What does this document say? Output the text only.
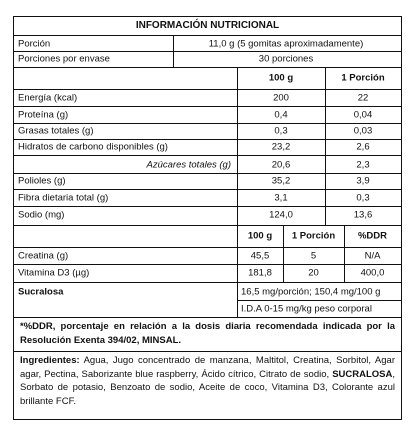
INFORMACIÓN NUTRICIONAL
Porción	11,0 g (5 gomitas aproximadamente)
Porciones por envase	30 porciones
100 g	1 Porción
Energía (kcal)	200	22
Proteína (g)	0,4	0,04
Grasas totales (g)	0,3	0,03
Hidratos de carbono disponibles (g)	23,2	2,6
Azúcares totales (g)	20,6	2,3
Polioles (g)	35,2	3,9
Fibra dietaria total (g)	3,1	0,3
Sodio (mg)	124,0	13,6
100 g	1 Porción	%DDR
Creatina (g)	45,5	5	N/A
Vitamina D3 (µg)	181,8	20	400,0
Sucralosa	16,5 mg/porción; 150,4 mg/100 g
I.D.A 0-15 mg/kg peso corporal
*%DDR, porcentaje en relación a la dosis diaria recomendada indicada por la Resolución Exenta 394/02, MINSAL.
Ingredientes: Agua, Jugo concentrado de manzana, Maltitol, Creatina, Sorbitol, Agar agar, Pectina, Saborizante blue raspberry, Ácido cítrico, Citrato de sodio, SUCRALOSA, Sorbato de potasio, Benzoato de sodio, Aceite de coco, Vitamina D3, Colorante azul brillante FCF.
